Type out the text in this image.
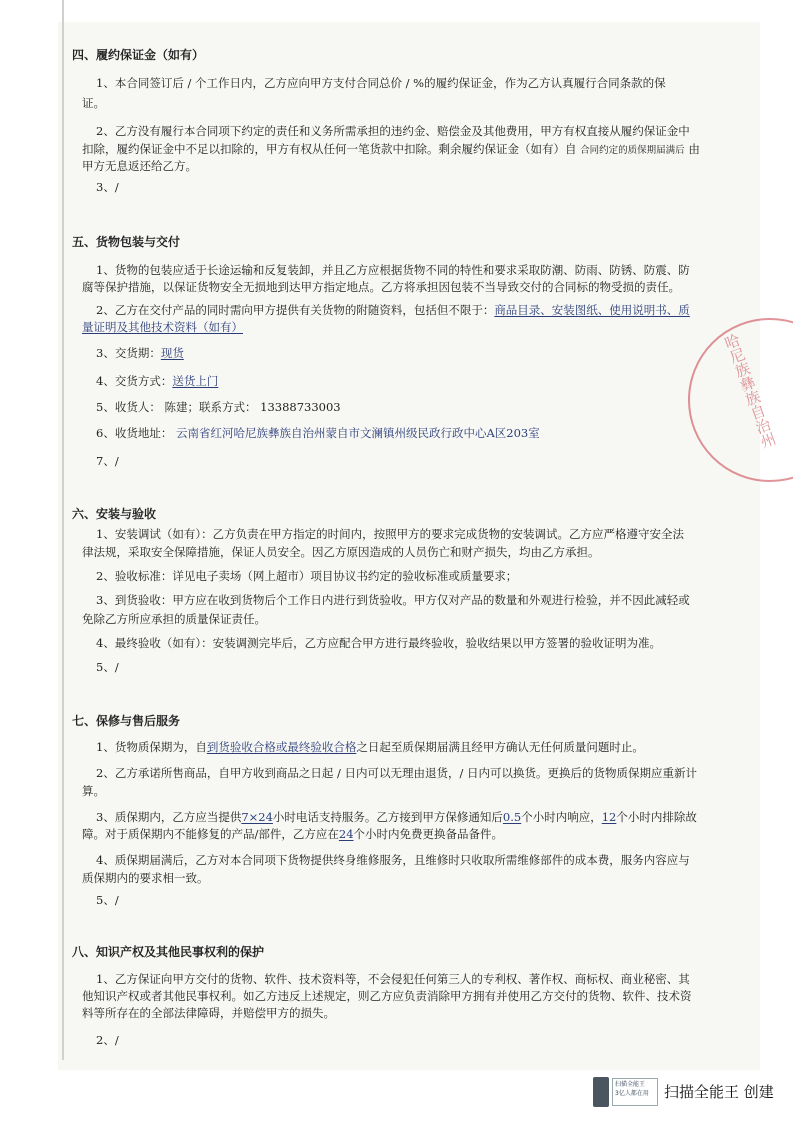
四、履约保证金（如有）
1、本合同签订后 / 个工作日内，乙方应向甲方支付合同总价 / %的履约保证金，作为乙方认真履行合同条款的保
证。
2、乙方没有履行本合同项下约定的责任和义务所需承担的违约金、赔偿金及其他费用，甲方有权直接从履约保证金中
扣除，履约保证金中不足以扣除的，甲方有权从任何一笔货款中扣除。剩余履约保证金（如有）自 合同约定的质保期届满后 由
甲方无息返还给乙方。
3、/
五、货物包装与交付
1、货物的包装应适于长途运输和反复装卸，并且乙方应根据货物不同的特性和要求采取防潮、防雨、防锈、防震、防
腐等保护措施，以保证货物安全无损地到达甲方指定地点。乙方将承担因包装不当导致交付的合同标的物受损的责任。
2、乙方在交付产品的同时需向甲方提供有关货物的附随资料，包括但不限于：商品目录、安装图纸、使用说明书、质
量证明及其他技术资料（如有）
3、交货期：现货
4、交货方式：送货上门
5、收货人： 陈建；联系方式： 13388733003
6、收货地址： 云南省红河哈尼族彝族自治州蒙自市文澜镇州级民政行政中心A区203室
7、/
六、安装与验收
1、安装调试（如有）：乙方负责在甲方指定的时间内，按照甲方的要求完成货物的安装调试。乙方应严格遵守安全法
律法规，采取安全保障措施，保证人员安全。因乙方原因造成的人员伤亡和财产损失，均由乙方承担。
2、验收标准：详见电子卖场（网上超市）项目协议书约定的验收标准或质量要求；
3、到货验收：甲方应在收到货物后个工作日内进行到货验收。甲方仅对产品的数量和外观进行检验，并不因此减轻或
免除乙方所应承担的质量保证责任。
4、最终验收（如有）：安装调测完毕后，乙方应配合甲方进行最终验收，验收结果以甲方签署的验收证明为准。
5、/
七、保修与售后服务
1、货物质保期为，自到货验收合格或最终验收合格之日起至质保期届满且经甲方确认无任何质量问题时止。
2、乙方承诺所售商品，自甲方收到商品之日起 / 日内可以无理由退货，/ 日内可以换货。更换后的货物质保期应重新计
算。
3、质保期内，乙方应当提供7×24小时电话支持服务。乙方接到甲方保修通知后0.5个小时内响应，12个小时内排除故
障。对于质保期内不能修复的产品/部件，乙方应在24个小时内免费更换备品备件。
4、质保期届满后，乙方对本合同项下货物提供终身维修服务，且维修时只收取所需维修部件的成本费，服务内容应与
质保期内的要求相一致。
5、/
八、知识产权及其他民事权利的保护
1、乙方保证向甲方交付的货物、软件、技术资料等，不会侵犯任何第三人的专利权、著作权、商标权、商业秘密、其
他知识产权或者其他民事权利。如乙方违反上述规定，则乙方应负责消除甲方拥有并使用乙方交付的货物、软件、技术资
料等所存在的全部法律障碍，并赔偿甲方的损失。
2、/
哈尼族彝族自治州
扫描全能王
3亿人都在用	扫描全能王 创建
